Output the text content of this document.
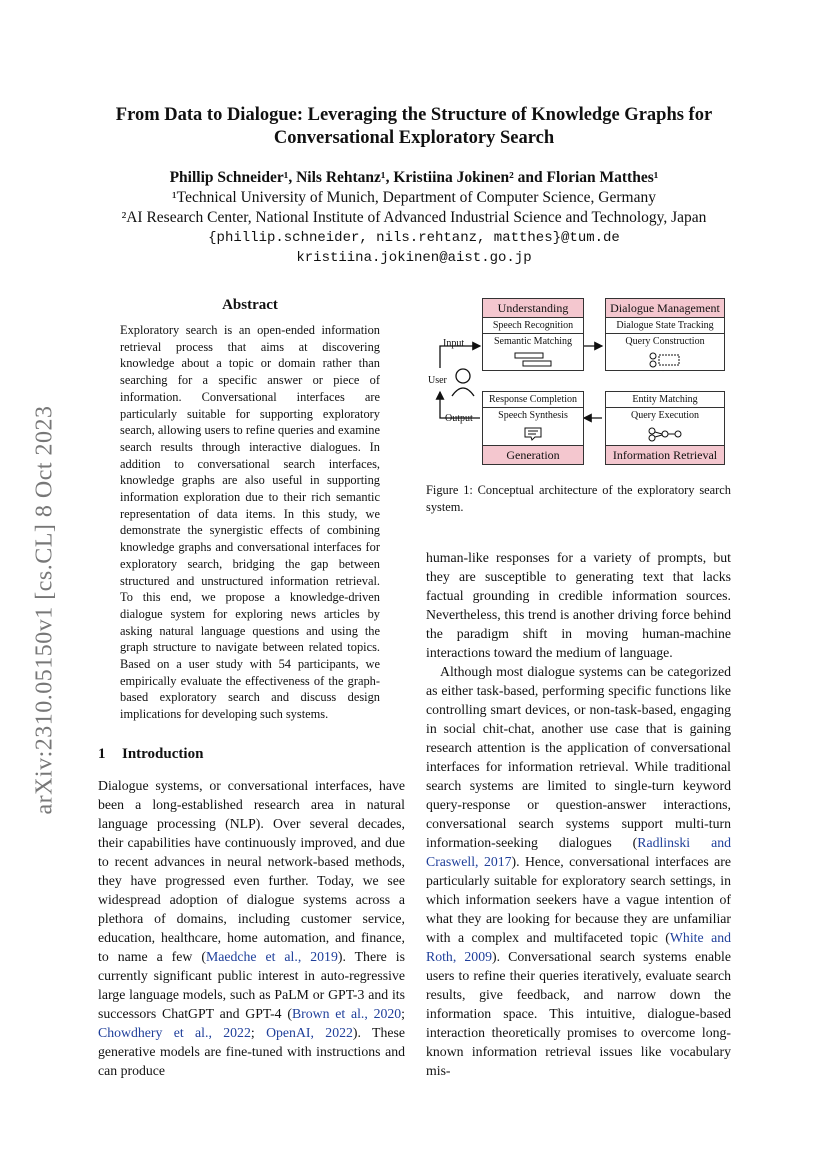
arXiv:2310.05150v1 [cs.CL] 8 Oct 2023
From Data to Dialogue: Leveraging the Structure of Knowledge Graphs for
Conversational Exploratory Search
Phillip Schneider¹, Nils Rehtanz¹, Kristiina Jokinen² and Florian Matthes¹
¹Technical University of Munich, Department of Computer Science, Germany
²AI Research Center, National Institute of Advanced Industrial Science and Technology, Japan
{phillip.schneider, nils.rehtanz, matthes}@tum.de
kristiina.jokinen@aist.go.jp
Abstract
Exploratory search is an open-ended information retrieval process that aims at discovering knowledge about a topic or domain rather than searching for a specific answer or piece of information. Conversational interfaces are particularly suitable for supporting exploratory search, allowing users to refine queries and examine search results through interactive dialogues. In addition to conversational search interfaces, knowledge graphs are also useful in supporting information exploration due to their rich semantic representation of data items. In this study, we demonstrate the synergistic effects of combining knowledge graphs and conversational interfaces for exploratory search, bridging the gap between structured and unstructured information retrieval. To this end, we propose a knowledge-driven dialogue system for exploring news articles by asking natural language questions and using the graph structure to navigate between related topics. Based on a user study with 54 participants, we empirically evaluate the effectiveness of the graph-based exploratory search and discuss design implications for developing such systems.
Input
User
Output
Understanding
Speech Recognition
Semantic Matching
Dialogue Management
Dialogue State Tracking
Query Construction
Response Completion
Speech Synthesis
Generation
Entity Matching
Query Execution
Information Retrieval
Figure 1: Conceptual architecture of the exploratory search system.
1 Introduction
Dialogue systems, or conversational interfaces, have been a long-established research area in natural language processing (NLP). Over several decades, their capabilities have continuously improved, and due to recent advances in neural network-based methods, they have progressed even further. Today, we see widespread adoption of dialogue systems across a plethora of domains, including customer service, education, healthcare, home automation, and finance, to name a few (Maedche et al., 2019). There is currently significant public interest in auto-regressive large language models, such as PaLM or GPT-3 and its successors ChatGPT and GPT-4 (Brown et al., 2020; Chowdhery et al., 2022; OpenAI, 2022). These generative models are fine-tuned with instructions and can produce

human-like responses for a variety of prompts, but they are susceptible to generating text that lacks factual grounding in credible information sources. Nevertheless, this trend is another driving force behind the paradigm shift in moving human-machine interactions toward the medium of language.

Although most dialogue systems can be categorized as either task-based, performing specific functions like controlling smart devices, or non-task-based, engaging in social chit-chat, another use case that is gaining research attention is the application of conversational interfaces for information retrieval. While traditional search systems are limited to single-turn keyword query-response or question-answer interactions, conversational search systems support multi-turn information-seeking dialogues (Radlinski and Craswell, 2017). Hence, conversational interfaces are particularly suitable for exploratory search settings, in which information seekers have a vague intention of what they are looking for because they are unfamiliar with a complex and multifaceted topic (White and Roth, 2009). Conversational search systems enable users to refine their queries iteratively, evaluate search results, give feedback, and narrow down the information space. This intuitive, dialogue-based interaction theoretically promises to overcome long-known information retrieval issues like vocabulary mis-
